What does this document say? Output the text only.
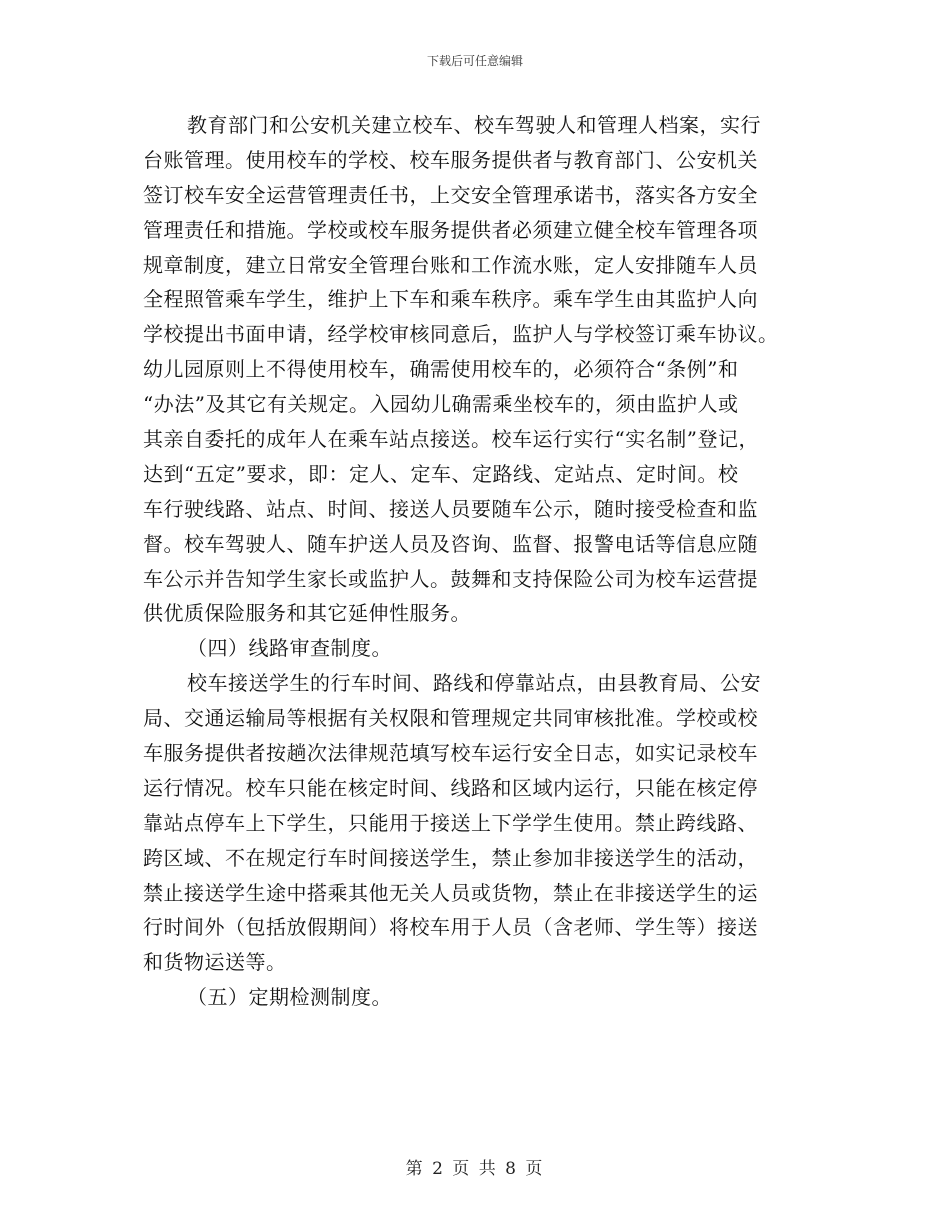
下载后可任意编辑
教育部门和公安机关建立校车、校车驾驶人和管理人档案，实行
台账管理。使用校车的学校、校车服务提供者与教育部门、公安机关
签订校车安全运营管理责任书，上交安全管理承诺书，落实各方安全
管理责任和措施。学校或校车服务提供者必须建立健全校车管理各项
规章制度，建立日常安全管理台账和工作流水账，定人安排随车人员
全程照管乘车学生，维护上下车和乘车秩序。乘车学生由其监护人向
学校提出书面申请，经学校审核同意后，监护人与学校签订乘车协议。
幼儿园原则上不得使用校车，确需使用校车的，必须符合“条例”和
“办法”及其它有关规定。入园幼儿确需乘坐校车的，须由监护人或
其亲自委托的成年人在乘车站点接送。校车运行实行“实名制”登记，
达到“五定”要求，即：定人、定车、定路线、定站点、定时间。校
车行驶线路、站点、时间、接送人员要随车公示，随时接受检查和监
督。校车驾驶人、随车护送人员及咨询、监督、报警电话等信息应随
车公示并告知学生家长或监护人。鼓舞和支持保险公司为校车运营提
供优质保险服务和其它延伸性服务。
（四）线路审查制度。
校车接送学生的行车时间、路线和停靠站点，由县教育局、公安
局、交通运输局等根据有关权限和管理规定共同审核批准。学校或校
车服务提供者按趟次法律规范填写校车运行安全日志，如实记录校车
运行情况。校车只能在核定时间、线路和区域内运行，只能在核定停
靠站点停车上下学生，只能用于接送上下学学生使用。禁止跨线路、
跨区域、不在规定行车时间接送学生，禁止参加非接送学生的活动，
禁止接送学生途中搭乘其他无关人员或货物，禁止在非接送学生的运
行时间外（包括放假期间）将校车用于人员（含老师、学生等）接送
和货物运送等。
（五）定期检测制度。
第 2 页 共 8 页
